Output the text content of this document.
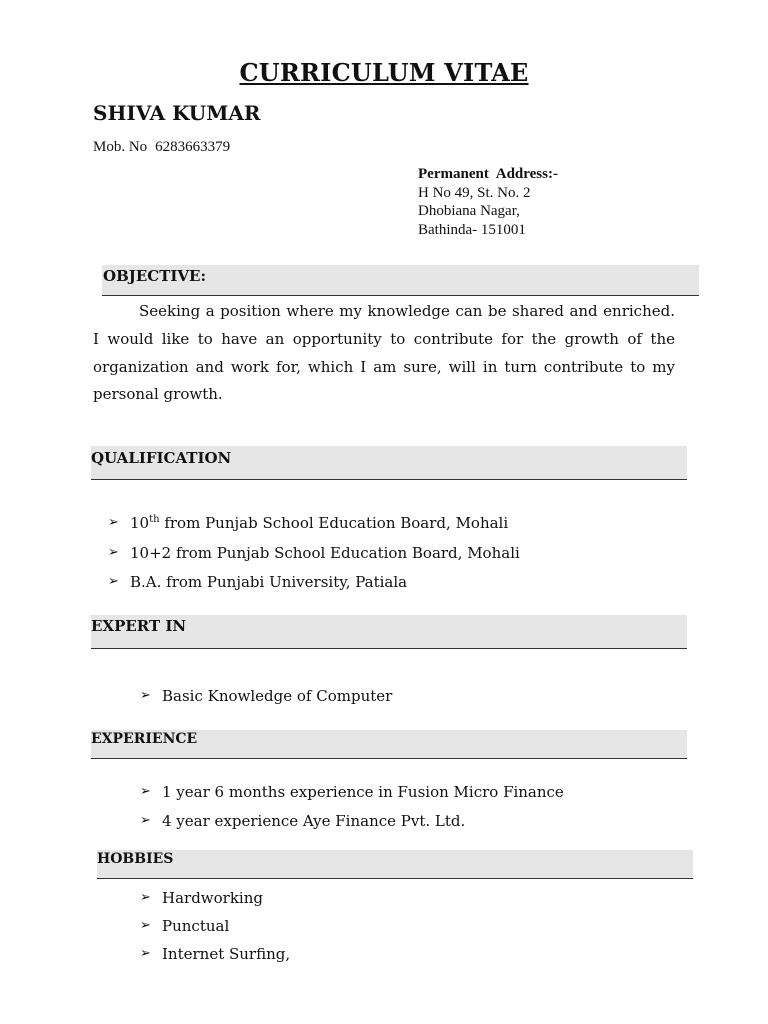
CURRICULUM VITAE
SHIVA KUMAR
Mob. No 6283663379
Permanent Address:-
H No 49, St. No. 2
Dhobiana Nagar,
Bathinda- 151001
OBJECTIVE:
Seeking a position where my knowledge can be shared and enriched. I would like to have an opportunity to contribute for the growth of the organization and work for, which I am sure, will in turn contribute to my personal growth.
QUALIFICATION
➢ 10th from Punjab School Education Board, Mohali
➢ 10+2 from Punjab School Education Board, Mohali
➢ B.A. from Punjabi University, Patiala
EXPERT IN
➢ Basic Knowledge of Computer
EXPERIENCE
➢ 1 year 6 months experience in Fusion Micro Finance
➢ 4 year experience Aye Finance Pvt. Ltd.
HOBBIES
➢ Hardworking
➢ Punctual
➢ Internet Surfing,
